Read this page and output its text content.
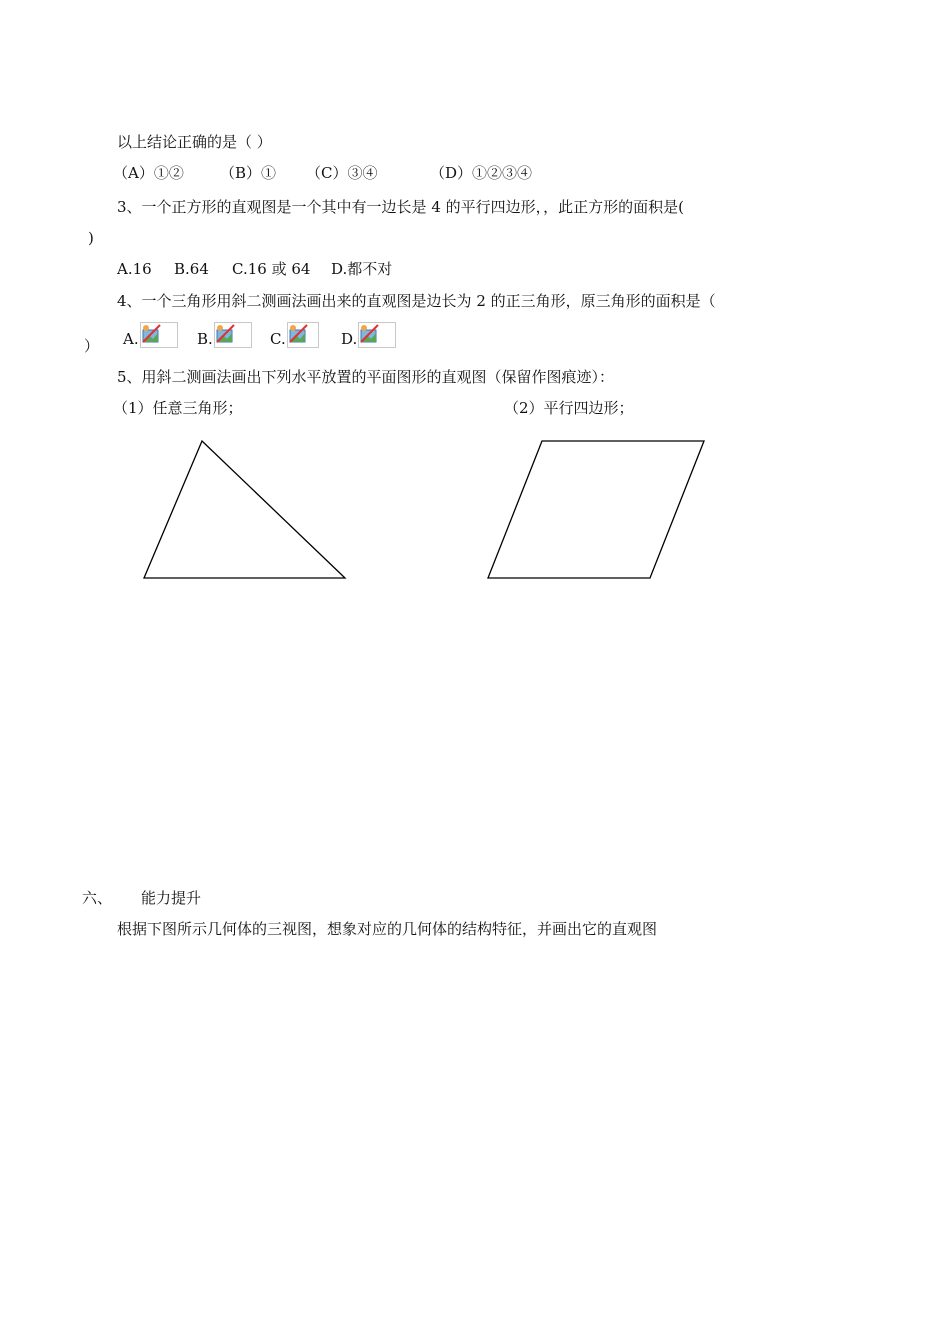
以上结论正确的是（ ）
（A）①② （B）① （C）③④	（D）①②③④
3、一个正方形的直观图是一个其中有一边长是 4 的平行四边形，，此正方形的面积是(
)
A.16 B.64 C.16 或 64 D.都不对
4、一个三角形用斜二测画法画出来的直观图是边长为 2 的正三角形，原三角形的面积是（
） A.	B.	C.	D.
5、用斜二测画法画出下列水平放置的平面图形的直观图（保留作图痕迹）：
（1）任意三角形；	（2）平行四边形；
六、 能力提升
根据下图所示几何体的三视图，想象对应的几何体的结构特征，并画出它的直观图
